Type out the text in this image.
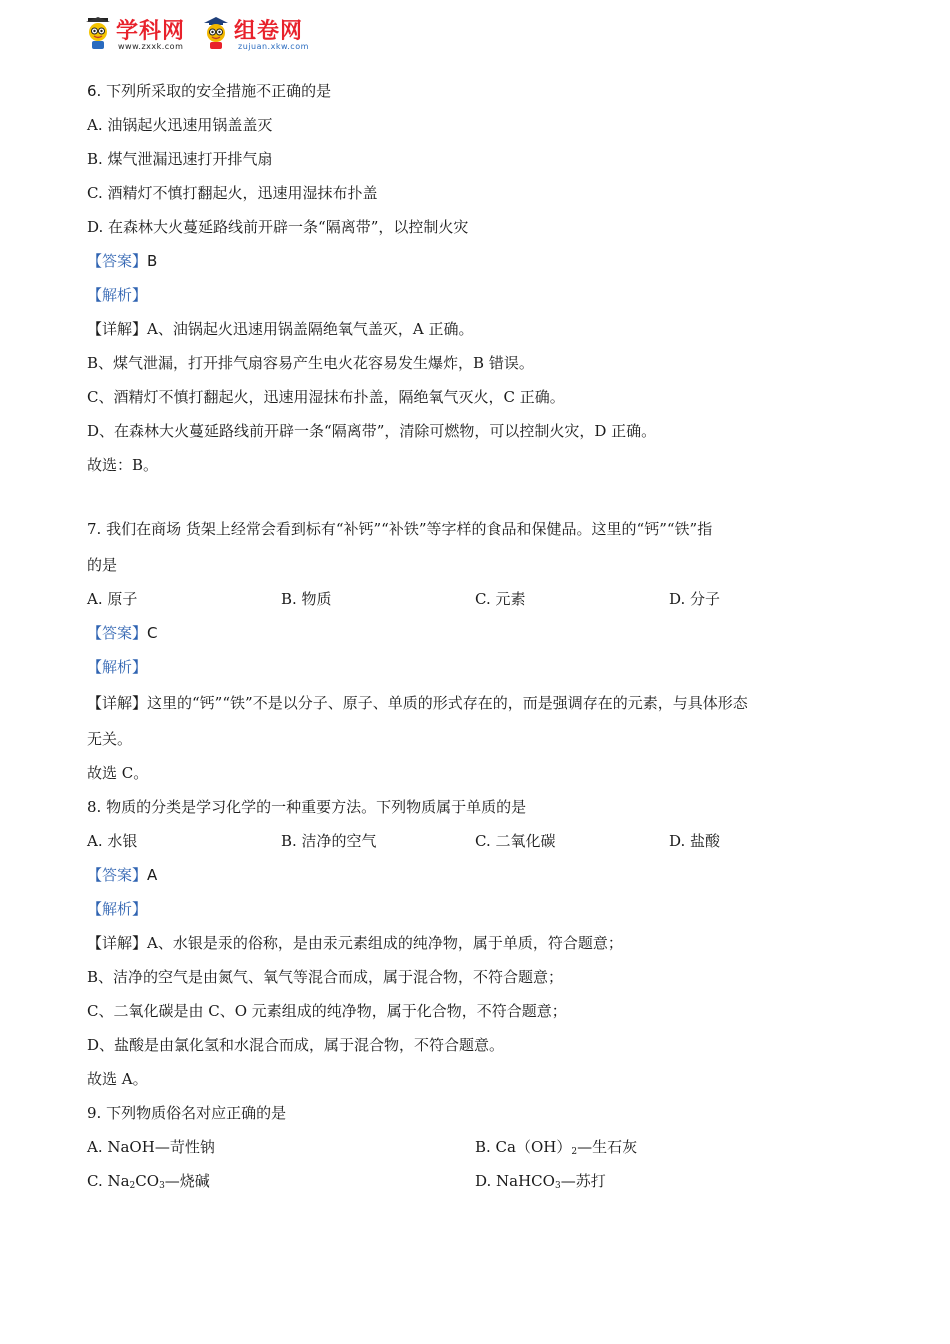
学科网
www.zxxk.com
组卷网
zujuan.xkw.com
6. 下列所采取的安全措施不正确的是
A. 油锅起火迅速用锅盖盖灭
B. 煤气泄漏迅速打开排气扇
C. 酒精灯不慎打翻起火，迅速用湿抹布扑盖
D. 在森林大火蔓延路线前开辟一条“隔离带”，以控制火灾
【答案】B
【解析】
【详解】A、油锅起火迅速用锅盖隔绝氧气盖灭，A 正确。
B、煤气泄漏，打开排气扇容易产生电火花容易发生爆炸，B 错误。
C、酒精灯不慎打翻起火，迅速用湿抹布扑盖，隔绝氧气灭火，C 正确。
D、在森林大火蔓延路线前开辟一条“隔离带”，清除可燃物，可以控制火灾，D 正确。
故选：B。
7. 我们在商场 货架上经常会看到标有“补钙”“补铁”等字样的食品和保健品。这里的“钙”“铁”指
的是
A. 原子	B. 物质	C. 元素	D. 分子
【答案】C
【解析】
【详解】这里的“钙”“铁”不是以分子、原子、单质的形式存在的，而是强调存在的元素，与具体形态
无关。
故选 C。
8. 物质的分类是学习化学的一种重要方法。下列物质属于单质的是
A. 水银	B. 洁净的空气	C. 二氧化碳	D. 盐酸
【答案】A
【解析】
【详解】A、水银是汞的俗称，是由汞元素组成的纯净物，属于单质，符合题意；
B、洁净的空气是由氮气、氧气等混合而成，属于混合物，不符合题意；
C、二氧化碳是由 C、O 元素组成的纯净物，属于化合物，不符合题意；
D、盐酸是由氯化氢和水混合而成，属于混合物，不符合题意。
故选 A。
9. 下列物质俗名对应正确的是
A. NaOH—苛性钠	B. $Ca(OH)_2—$生石灰
C. $Na_2CO_3—$烧碱	D. NaHCO$_3$—苏打
